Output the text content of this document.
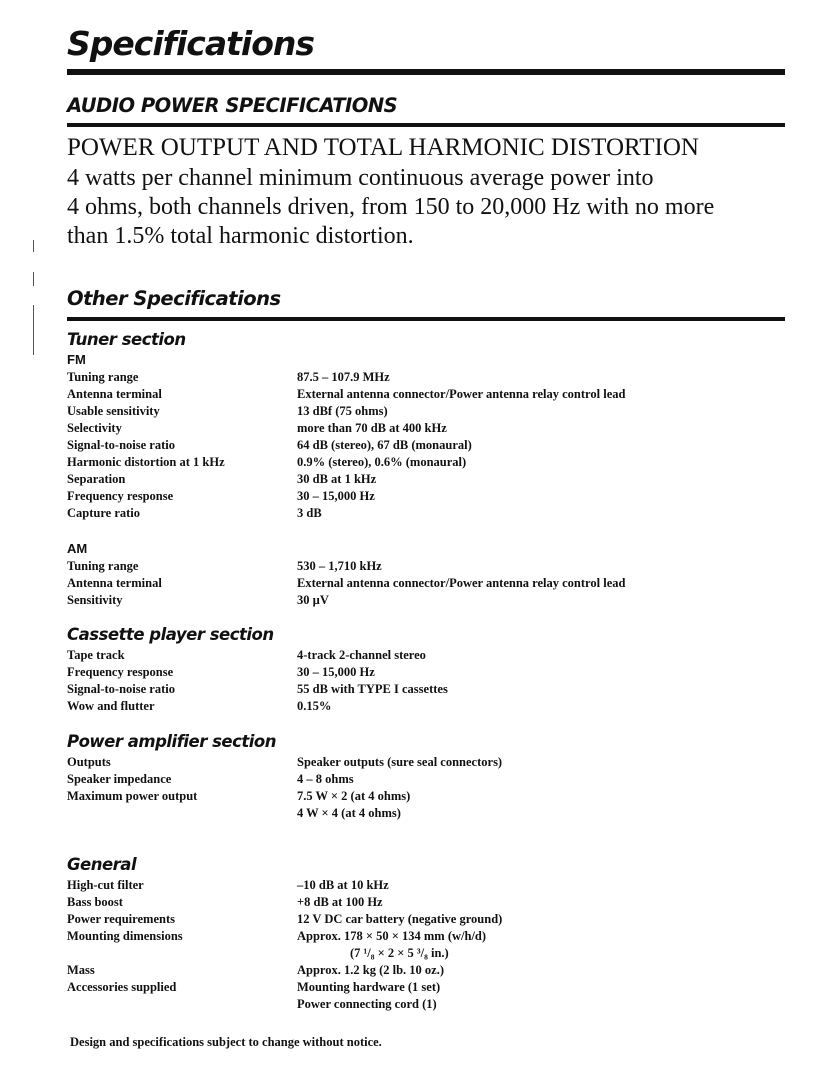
Specifications
AUDIO POWER SPECIFICATIONS
POWER OUTPUT AND TOTAL HARMONIC DISTORTION
4 watts per channel minimum continuous average power into
4 ohms, both channels driven, from 150 to 20,000 Hz with no more
than 1.5% total harmonic distortion.
Other Specifications
Tuner section
FM
Tuning range	87.5 – 107.9 MHz
Antenna terminal	External antenna connector/Power antenna relay control lead
Usable sensitivity	13 dBf (75 ohms)
Selectivity	more than 70 dB at 400 kHz
Signal-to-noise ratio	64 dB (stereo), 67 dB (monaural)
Harmonic distortion at 1 kHz	0.9% (stereo), 0.6% (monaural)
Separation	30 dB at 1 kHz
Frequency response	30 – 15,000 Hz
Capture ratio	3 dB
AM
Tuning range	530 – 1,710 kHz
Antenna terminal	External antenna connector/Power antenna relay control lead
Sensitivity	30 µV
Cassette player section
Tape track	4-track 2-channel stereo
Frequency response	30 – 15,000 Hz
Signal-to-noise ratio	55 dB with TYPE I cassettes
Wow and flutter	0.15%
Power amplifier section
Outputs	Speaker outputs (sure seal connectors)
Speaker impedance	4 – 8 ohms
Maximum power output	7.5 W × 2 (at 4 ohms)
4 W × 4 (at 4 ohms)
General
High-cut filter	–10 dB at 10 kHz
Bass boost	+8 dB at 100 Hz
Power requirements	12 V DC car battery (negative ground)
Mounting dimensions	Approx. 178 × 50 × 134 mm (w/h/d)
(7 ¹/₈ × 2 × 5 ³/₈ in.)
Mass	Approx. 1.2 kg (2 lb. 10 oz.)
Accessories supplied	Mounting hardware (1 set)
Power connecting cord (1)
Design and specifications subject to change without notice.
